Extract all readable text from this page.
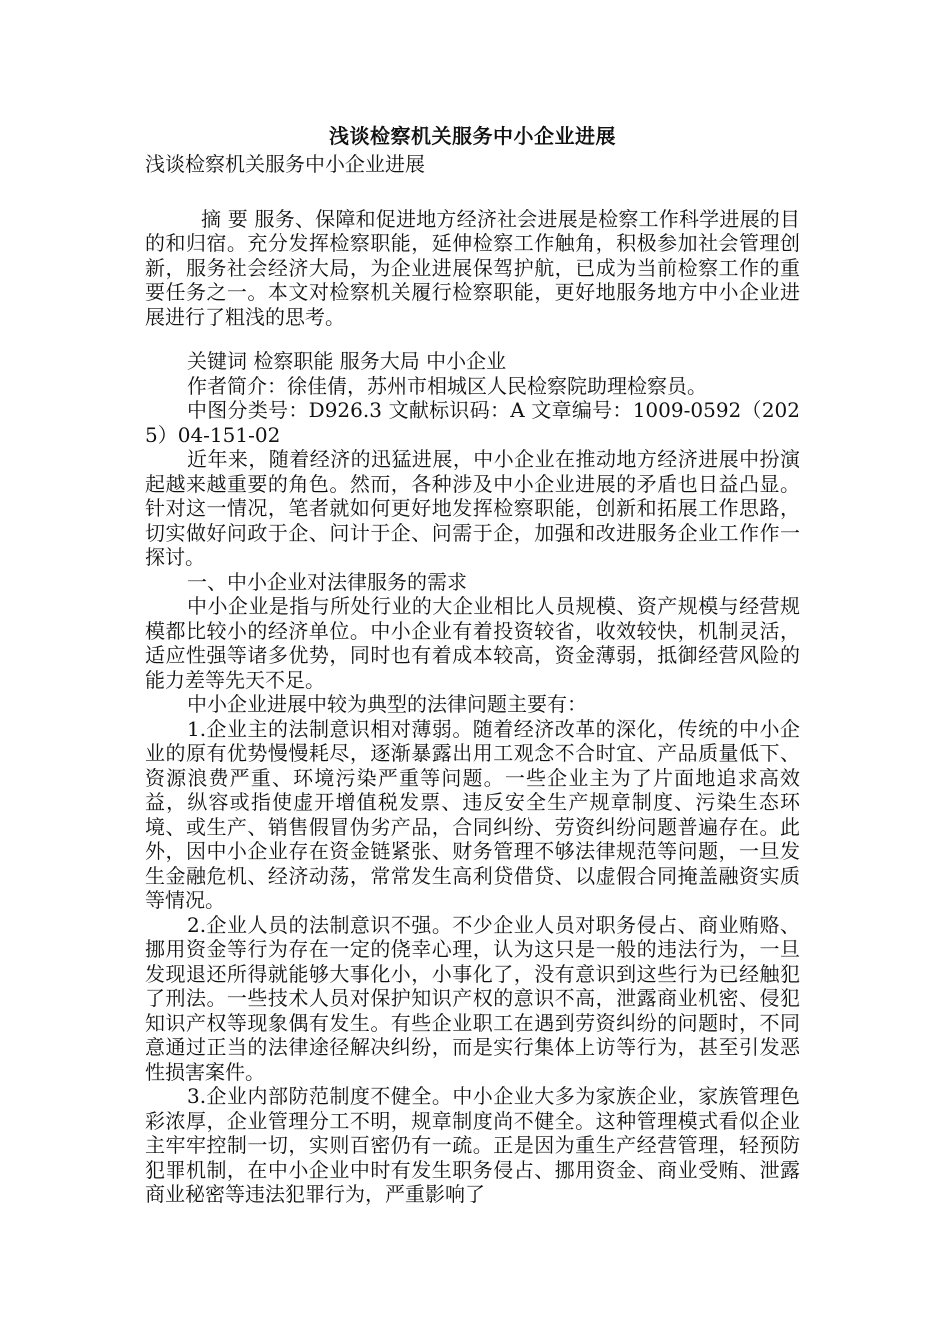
浅谈检察机关服务中小企业进展

浅谈检察机关服务中小企业进展

摘 要 服务、保障和促进地方经济社会进展是检察工作科学进展的目的和归宿。充分发挥检察职能，延伸检察工作触角，积极参加社会管理创新，服务社会经济大局，为企业进展保驾护航，已成为当前检察工作的重要任务之一。本文对检察机关履行检察职能，更好地服务地方中小企业进展进行了粗浅的思考。

关键词 检察职能 服务大局 中小企业

作者简介：徐佳倩，苏州市相城区人民检察院助理检察员。

中图分类号：D926.3 文献标识码：A 文章编号：1009-0592（2025）04-151-02

近年来，随着经济的迅猛进展，中小企业在推动地方经济进展中扮演起越来越重要的角色。然而，各种涉及中小企业进展的矛盾也日益凸显。针对这一情况，笔者就如何更好地发挥检察职能，创新和拓展工作思路，切实做好问政于企、问计于企、问需于企，加强和改进服务企业工作作一探讨。

一、中小企业对法律服务的需求

中小企业是指与所处行业的大企业相比人员规模、资产规模与经营规模都比较小的经济单位。中小企业有着投资较省，收效较快，机制灵活，适应性强等诸多优势，同时也有着成本较高，资金薄弱，抵御经营风险的能力差等先天不足。

中小企业进展中较为典型的法律问题主要有：

1.企业主的法制意识相对薄弱。随着经济改革的深化，传统的中小企业的原有优势慢慢耗尽，逐渐暴露出用工观念不合时宜、产品质量低下、资源浪费严重、环境污染严重等问题。一些企业主为了片面地追求高效益，纵容或指使虚开增值税发票、违反安全生产规章制度、污染生态环境、或生产、销售假冒伪劣产品，合同纠纷、劳资纠纷问题普遍存在。此外，因中小企业存在资金链紧张、财务管理不够法律规范等问题，一旦发生金融危机、经济动荡，常常发生高利贷借贷、以虚假合同掩盖融资实质等情况。

2.企业人员的法制意识不强。不少企业人员对职务侵占、商业贿赂、挪用资金等行为存在一定的侥幸心理，认为这只是一般的违法行为，一旦发现退还所得就能够大事化小，小事化了，没有意识到这些行为已经触犯了刑法。一些技术人员对保护知识产权的意识不高，泄露商业机密、侵犯知识产权等现象偶有发生。有些企业职工在遇到劳资纠纷的问题时，不同意通过正当的法律途径解决纠纷，而是实行集体上访等行为，甚至引发恶性损害案件。

3.企业内部防范制度不健全。中小企业大多为家族企业，家族管理色彩浓厚，企业管理分工不明，规章制度尚不健全。这种管理模式看似企业主牢牢控制一切，实则百密仍有一疏。正是因为重生产经营管理，轻预防犯罪机制，在中小企业中时有发生职务侵占、挪用资金、商业受贿、泄露商业秘密等违法犯罪行为，严重影响了
